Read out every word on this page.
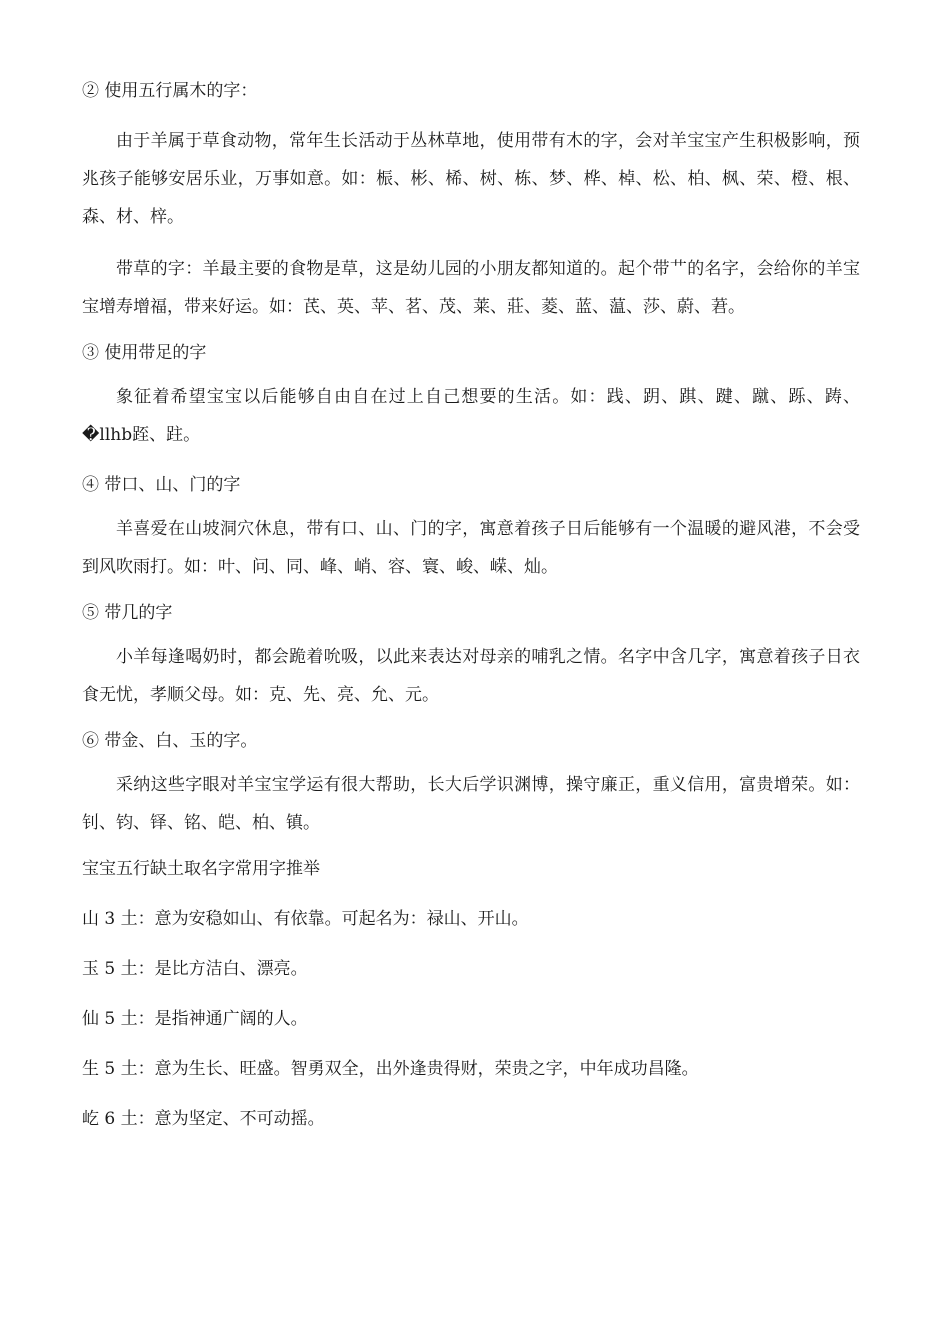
② 使用五行属木的字：
由于羊属于草食动物，常年生长活动于丛林草地，使用带有木的字，会对羊宝宝产生积极影响，预兆孩子能够安居乐业，万事如意。如：桭、彬、桸、树、栋、梦、桦、棹、松、柏、枫、荣、橙、根、森、材、梓。
带草的字：羊最主要的食物是草，这是幼儿园的小朋友都知道的。起个带艹的名字，会给你的羊宝宝增寿增福，带来好运。如：芪、英、苹、茗、茂、莱、莊、菱、蓝、蕰、莎、蔚、莙。
③ 使用带足的字
象征着希望宝宝以后能够自由自在过上自己想要的生活。如：践、跀、踑、踺、蹴、跞、踌、�llhb跮、跓。
④ 带口、山、门的字
羊喜爱在山坡洞穴休息，带有口、山、门的字，寓意着孩子日后能够有一个温暖的避风港，不会受到风吹雨打。如：叶、问、同、峰、峭、容、寰、峻、嵘、灿。
⑤ 带几的字
小羊每逢喝奶时，都会跪着吮吸，以此来表达对母亲的哺乳之情。名字中含几字，寓意着孩子日衣食无忧，孝顺父母。如：克、先、亮、允、元。
⑥ 带金、白、玉的字。
采纳这些字眼对羊宝宝学运有很大帮助，长大后学识渊博，操守廉正，重义信用，富贵增荣。如：钊、钧、铎、铭、皑、柏、镇。
宝宝五行缺土取名字常用字推举
山 3 土：意为安稳如山、有依靠。可起名为：禄山、开山。
玉 5 土：是比方洁白、漂亮。
仙 5 土：是指神通广阔的人。
生 5 土：意为生长、旺盛。智勇双全，出外逢贵得财，荣贵之字，中年成功昌隆。
屹 6 土：意为坚定、不可动摇。
